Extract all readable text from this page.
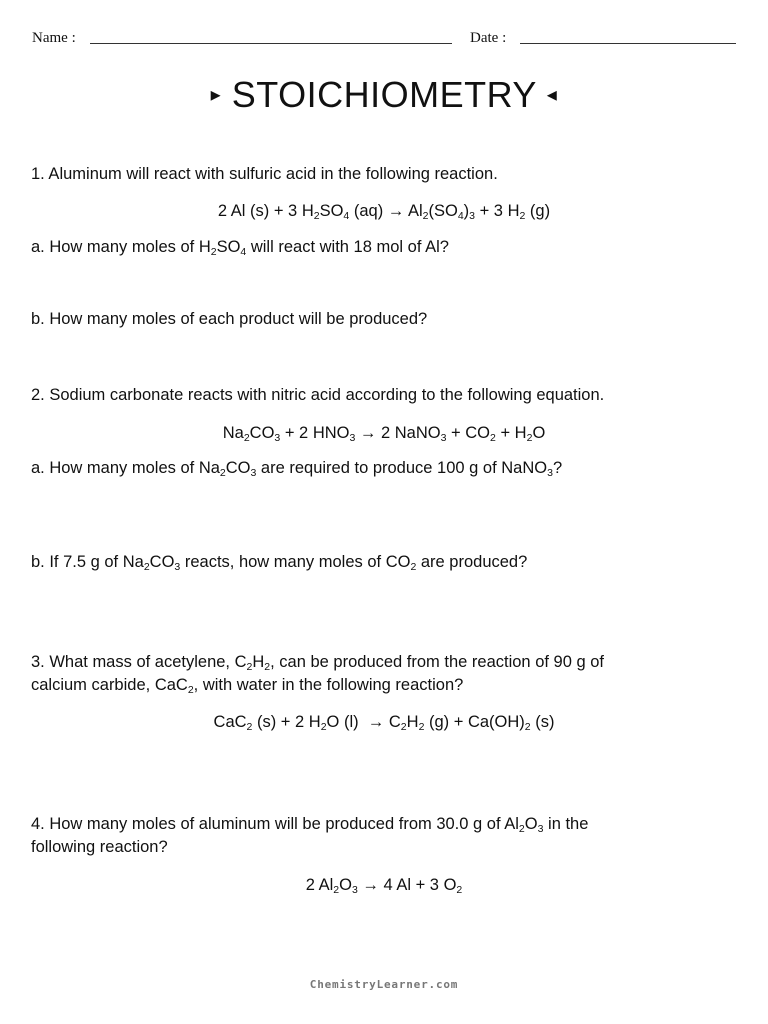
Name :	Date :
▸ STOICHIOMETRY ◂
1. Aluminum will react with sulfuric acid in the following reaction.
2 Al (s) + 3 $H_2SO_4$ $(aq) \to Al_2(SO_4)_3 + 3$ $H_2$ (g)
a. How many moles of $H_2SO_4$ will react with 18 mol of Al?
b. How many moles of each product will be produced?
2. Sodium carbonate reacts with nitric acid according to the following equation.
$Na_2CO_3 + 2$ $HNO_3 \to 2$ NaNO$_3$ + $CO_2 + H_2O$
a. How many moles of $Na_2CO_3$ are required to produce 100 g of NaNO$_3$?
b. If 7.5 g of $Na_2CO_3$ reacts, how many moles of $CO_2$ are produced?
3. What mass of acetylene, $C_2H_2$, can be produced from the reaction of 90 g of
calcium carbide, CaC$_2$, with water in the following reaction?
CaC$_2$ (s) + 2 $H_2O$ $(l) \to C_2H_2$ $(g) + Ca(OH)_2$ (s)
4. How many moles of aluminum will be produced from 30.0 g of $Al_2O_3$ in the
following reaction?
2 $Al_2O_3 \to 4$ Al + 3 $O_2$
ChemistryLearner.com
